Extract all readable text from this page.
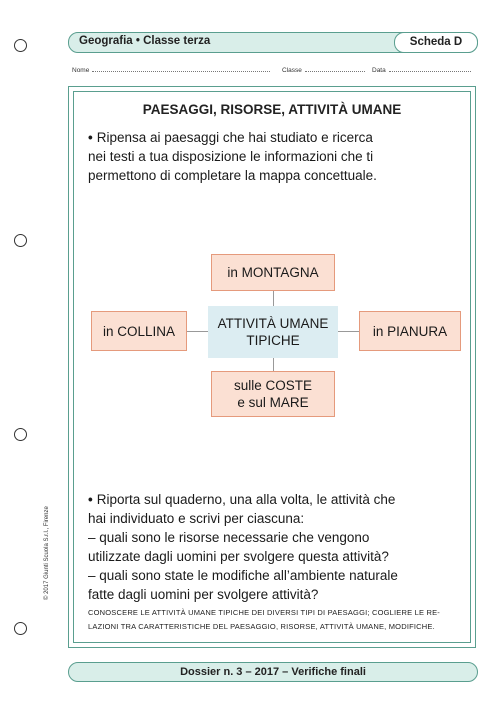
Geografia • Classe terza	Scheda D
Nome	Classe	Data
PAESAGGI, RISORSE, ATTIVITÀ UMANE
• Ripensa ai paesaggi che hai studiato e ricerca
nei testi a tua disposizione le informazioni che ti
permettono di completare la mappa concettuale.
in MONTAGNA
in COLLINA	in PIANURA
sulle COSTE
e sul MARE
ATTIVITÀ UMANE
TIPICHE
• Riporta sul quaderno, una alla volta, le attività che
hai individuato e scrivi per ciascuna:
– quali sono le risorse necessarie che vengono
utilizzate dagli uomini per svolgere questa attività?
– quali sono state le modifiche all’ambiente naturale
fatte dagli uomini per svolgere attività?
CONOSCERE LE ATTIVITÀ UMANE TIPICHE DEI DIVERSI TIPI DI PAESAGGI; COGLIERE LE RE-
LAZIONI TRA CARATTERISTICHE DEL PAESAGGIO, RISORSE, ATTIVITÀ UMANE, MODIFICHE.
© 2017 Giunti Scuola S.r.l., Firenze
Dossier n. 3 – 2017 – Verifiche finali
